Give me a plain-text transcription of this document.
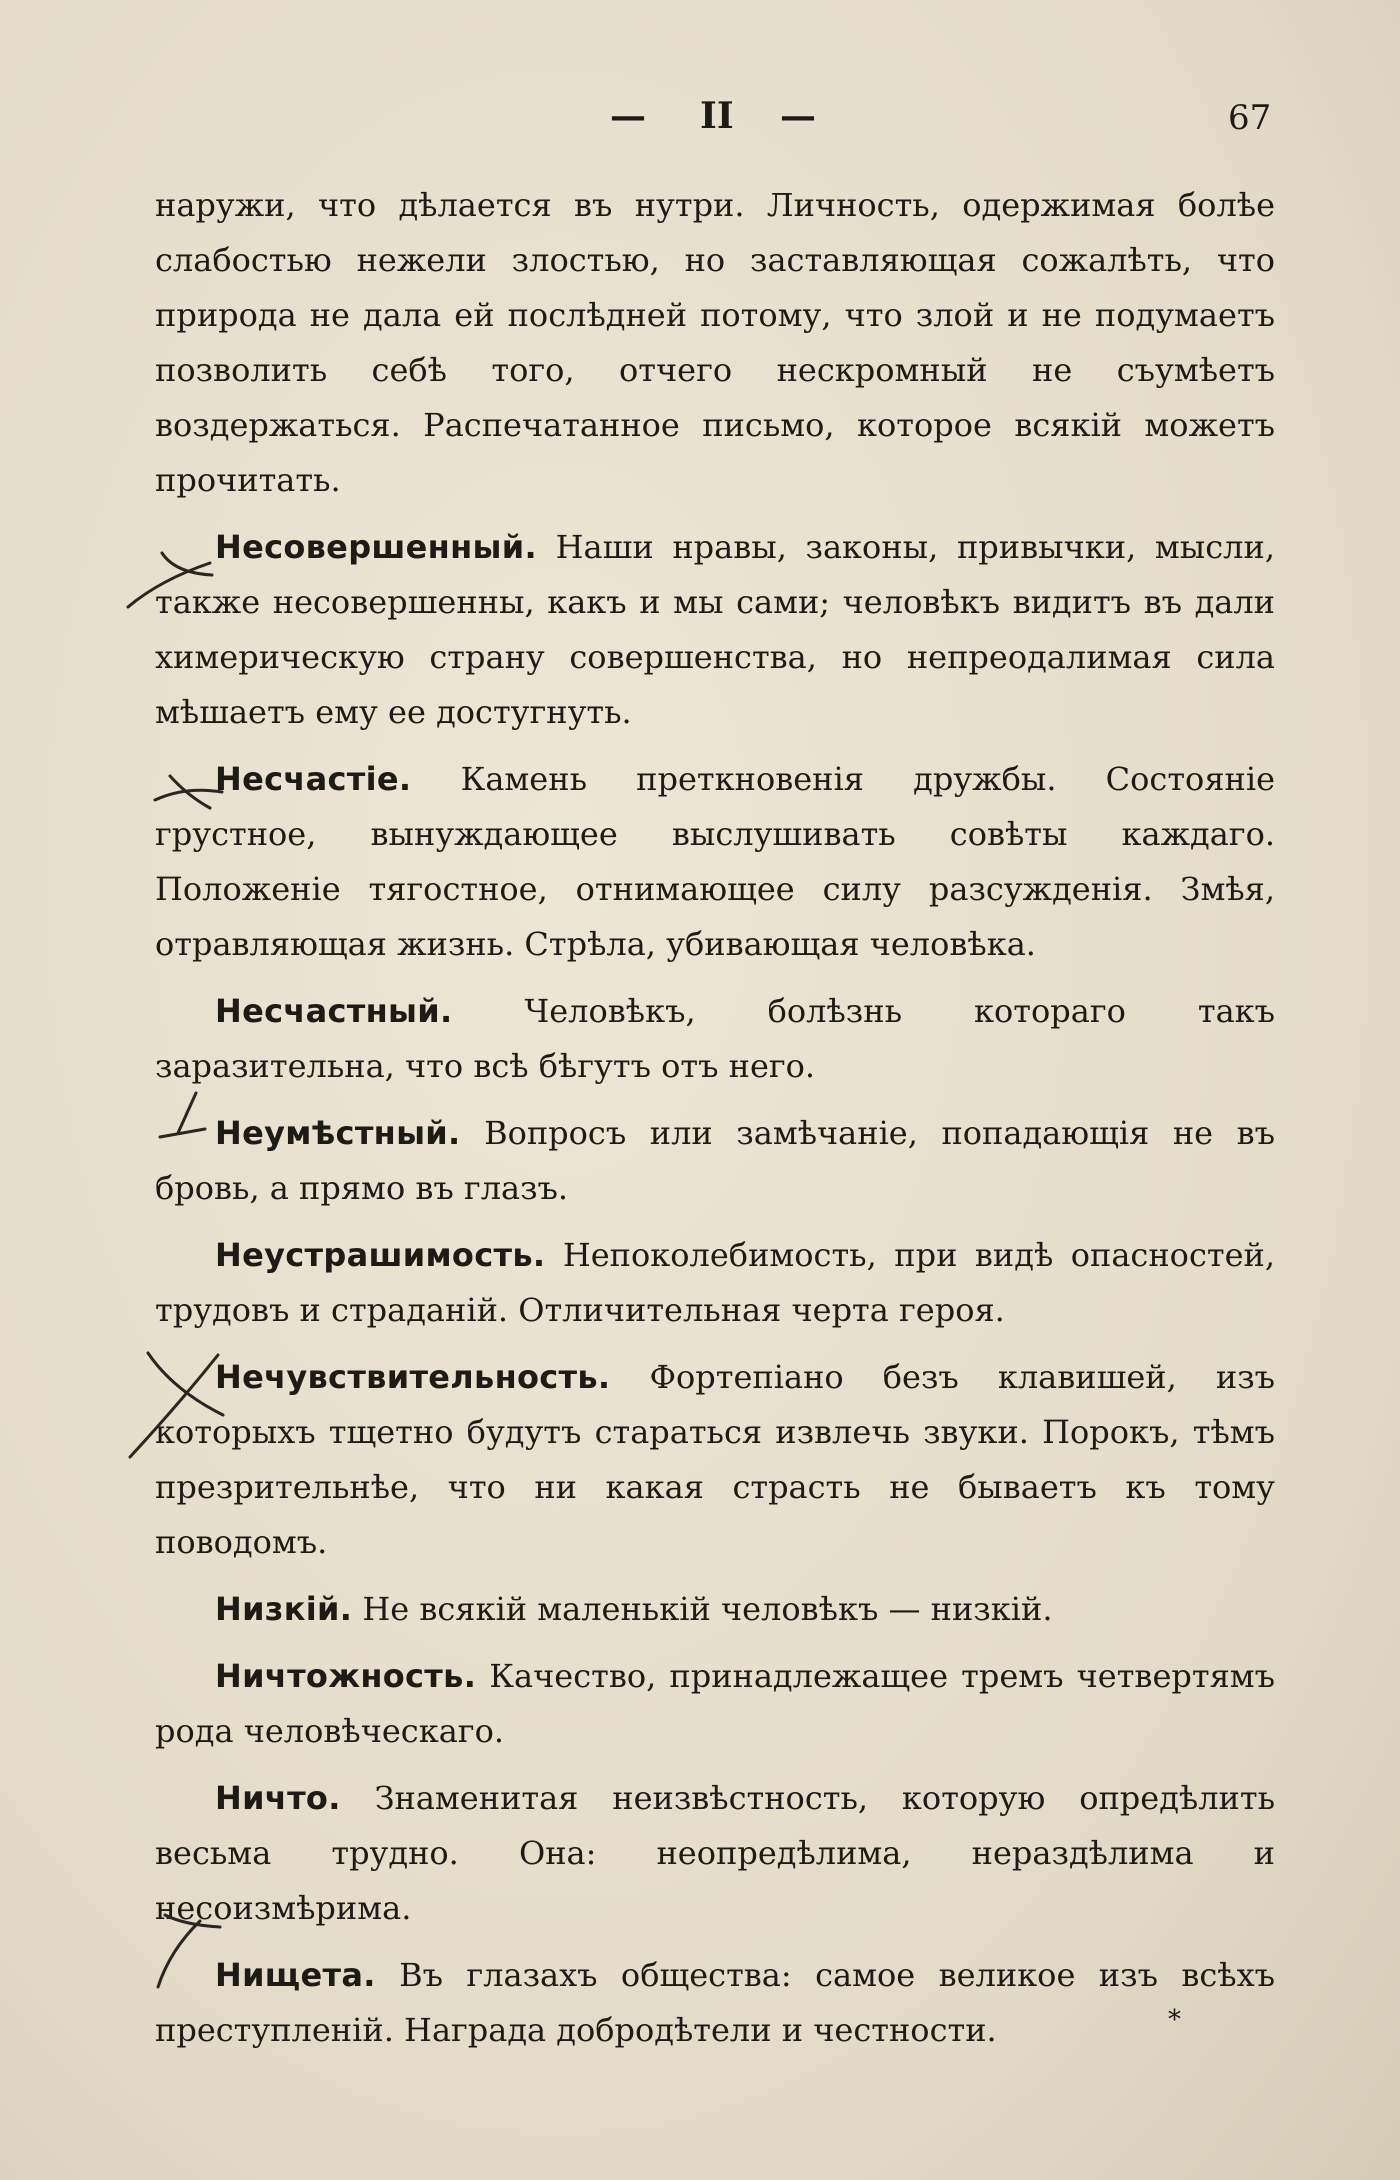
— II —	67

наружи, что дѣлается въ нутри. Личность, одержимая болѣе слабостью нежели злостью, но заставляющая сожалѣть, что природа не дала ей послѣдней потому, что злой и не подумаетъ позволить себѣ того, отчего нескромный не съумѣетъ воздержаться. Распечатанное письмо, которое всякій можетъ прочитать.

Несовершенный. Наши нравы, законы, привычки, мысли, также несовершенны, какъ и мы сами; человѣкъ видитъ въ дали химерическую страну совершенства, но непреодалимая сила мѣшаетъ ему ее достугнуть.

Несчастіе. Камень преткновенія дружбы. Состояніе грустное, вынуждающее выслушивать совѣты каждаго. Положеніе тягостное, отнимающее силу разсужденія. Змѣя, отравляющая жизнь. Стрѣла, убивающая человѣка.

Несчастный. Человѣкъ, болѣзнь котораго такъ заразительна, что всѣ бѣгутъ отъ него.

Неумѣстный. Вопросъ или замѣчаніе, попадающія не въ бровь, а прямо въ глазъ.

Неустрашимость. Непоколебимость, при видѣ опасностей, трудовъ и страданій. Отличительная черта героя.

Нечувствительность. Фортепіано безъ клавишей, изъ которыхъ тщетно будутъ стараться извлечь звуки. Порокъ, тѣмъ презрительнѣе, что ни какая страсть не бываетъ къ тому поводомъ.

Низкій. Не всякій маленькій человѣкъ — низкій.

Ничтожность. Качество, принадлежащее тремъ четвертямъ рода человѣческаго.

Ничто. Знаменитая неизвѣстность, которую опредѣлить весьма трудно. Она: неопредѣлима, нераздѣлима и несоизмѣрима.

Нищета. Въ глазахъ общества: самое великое изъ всѣхъ преступленій. Награда добродѣтели и честности.	*
